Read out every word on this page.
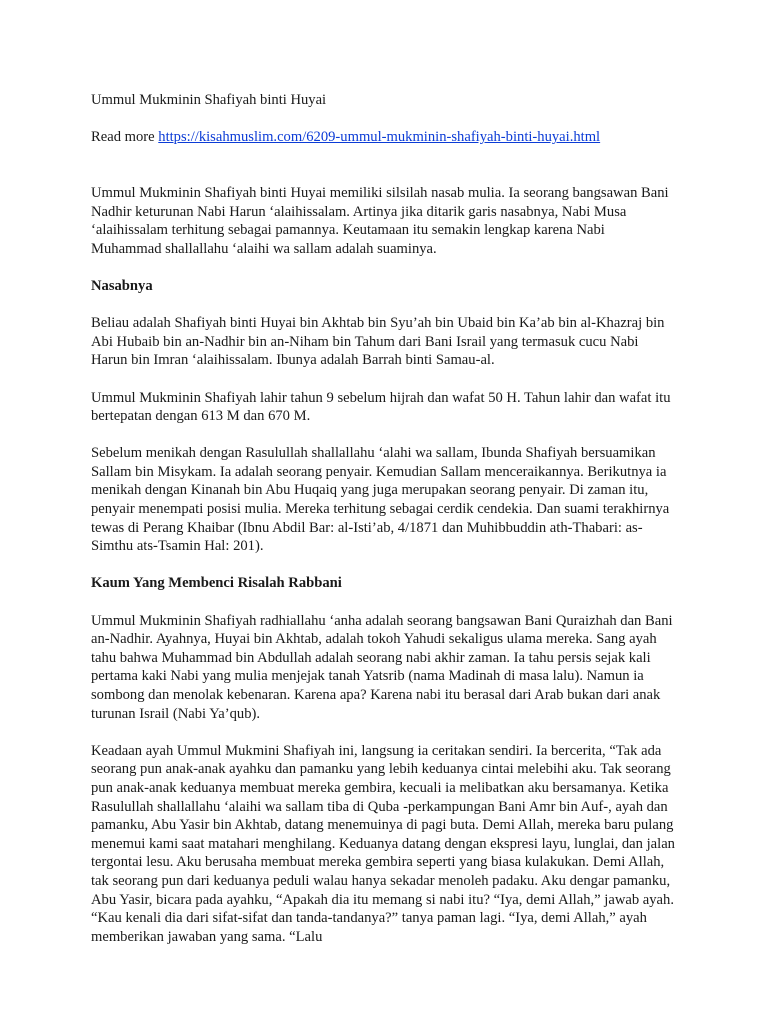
Ummul Mukminin Shafiyah binti Huyai

Read more https://kisahmuslim.com/6209-ummul-mukminin-shafiyah-binti-huyai.html

Ummul Mukminin Shafiyah binti Huyai memiliki silsilah nasab mulia. Ia seorang bangsawan Bani Nadhir keturunan Nabi Harun ‘alaihissalam. Artinya jika ditarik garis nasabnya, Nabi Musa ‘alaihissalam terhitung sebagai pamannya. Keutamaan itu semakin lengkap karena Nabi Muhammad shallallahu ‘alaihi wa sallam adalah suaminya.

Nasabnya

Beliau adalah Shafiyah binti Huyai bin Akhtab bin Syu’ah bin Ubaid bin Ka’ab bin al-Khazraj bin Abi Hubaib bin an-Nadhir bin an-Niham bin Tahum dari Bani Israil yang termasuk cucu Nabi Harun bin Imran ‘alaihissalam. Ibunya adalah Barrah binti Samau-al.

Ummul Mukminin Shafiyah lahir tahun 9 sebelum hijrah dan wafat 50 H. Tahun lahir dan wafat itu bertepatan dengan 613 M dan 670 M.

Sebelum menikah dengan Rasulullah shallallahu ‘alahi wa sallam, Ibunda Shafiyah bersuamikan Sallam bin Misykam. Ia adalah seorang penyair. Kemudian Sallam menceraikannya. Berikutnya ia menikah dengan Kinanah bin Abu Huqaiq yang juga merupakan seorang penyair. Di zaman itu, penyair menempati posisi mulia. Mereka terhitung sebagai cerdik cendekia. Dan suami terakhirnya tewas di Perang Khaibar (Ibnu Abdil Bar: al-Isti’ab, 4/1871 dan Muhibbuddin ath-Thabari: as-Simthu ats-Tsamin Hal: 201).

Kaum Yang Membenci Risalah Rabbani

Ummul Mukminin Shafiyah radhiallahu ‘anha adalah seorang bangsawan Bani Quraizhah dan Bani an-Nadhir. Ayahnya, Huyai bin Akhtab, adalah tokoh Yahudi sekaligus ulama mereka. Sang ayah tahu bahwa Muhammad bin Abdullah adalah seorang nabi akhir zaman. Ia tahu persis sejak kali pertama kaki Nabi yang mulia menjejak tanah Yatsrib (nama Madinah di masa lalu). Namun ia sombong dan menolak kebenaran. Karena apa? Karena nabi itu berasal dari Arab bukan dari anak turunan Israil (Nabi Ya’qub).

Keadaan ayah Ummul Mukmini Shafiyah ini, langsung ia ceritakan sendiri. Ia bercerita, “Tak ada seorang pun anak-anak ayahku dan pamanku yang lebih keduanya cintai melebihi aku. Tak seorang pun anak-anak keduanya membuat mereka gembira, kecuali ia melibatkan aku bersamanya. Ketika Rasulullah shallallahu ‘alaihi wa sallam tiba di Quba -perkampungan Bani Amr bin Auf-, ayah dan pamanku, Abu Yasir bin Akhtab, datang menemuinya di pagi buta. Demi Allah, mereka baru pulang menemui kami saat matahari menghilang. Keduanya datang dengan ekspresi layu, lunglai, dan jalan tergontai lesu. Aku berusaha membuat mereka gembira seperti yang biasa kulakukan. Demi Allah, tak seorang pun dari keduanya peduli walau hanya sekadar menoleh padaku. Aku dengar pamanku, Abu Yasir, bicara pada ayahku, “Apakah dia itu memang si nabi itu? “Iya, demi Allah,” jawab ayah. “Kau kenali dia dari sifat-sifat dan tanda-tandanya?” tanya paman lagi. “Iya, demi Allah,” ayah memberikan jawaban yang sama. “Lalu
